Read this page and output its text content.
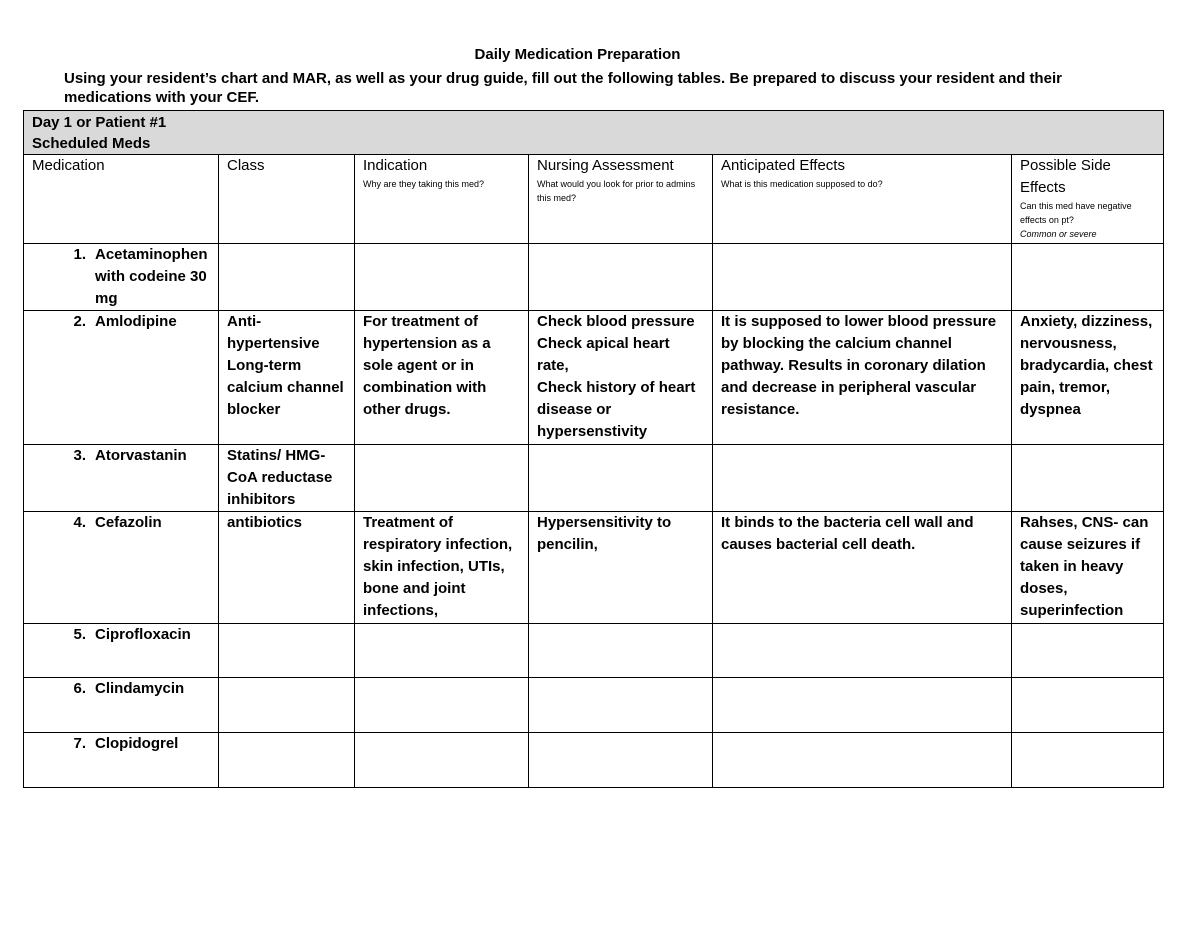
Daily Medication Preparation
Using your resident’s chart and MAR, as well as your drug guide, fill out the following tables. Be prepared to discuss your resident and their medications with your CEF.
Day 1 or Patient #1
Scheduled Meds					

Medication	Class	Indication
Why are they taking this med?	Nursing Assessment
What would you look for prior to admins this med?	Anticipated Effects
What is this medication supposed to do?	Possible Side Effects
Can this med have negative effects on pt?
Common or severe

1. Acetaminophen with codeine 30 mg					

2. Amlodipine	Anti-hypertensive Long-term calcium channel blocker	For treatment of hypertension as a sole agent or in combination with other drugs.	Check blood pressure
Check apical heart rate,
Check history of heart disease or hypersenstivity	It is supposed to lower blood pressure by blocking the calcium channel pathway. Results in coronary dilation and decrease in peripheral vascular resistance.	Anxiety, dizziness, nervousness, bradycardia, chest pain, tremor, dyspnea

3. Atorvastanin	Statins/ HMG-CoA reductase inhibitors				

4. Cefazolin	antibiotics	Treatment of respiratory infection, skin infection, UTIs, bone and joint infections,	Hypersensitivity to pencilin,	It binds to the bacteria cell wall and causes bacterial cell death.	Rahses, CNS- can cause seizures if taken in heavy doses, superinfection

5. Ciprofloxacin					

6. Clindamycin					

7. Clopidogrel					
